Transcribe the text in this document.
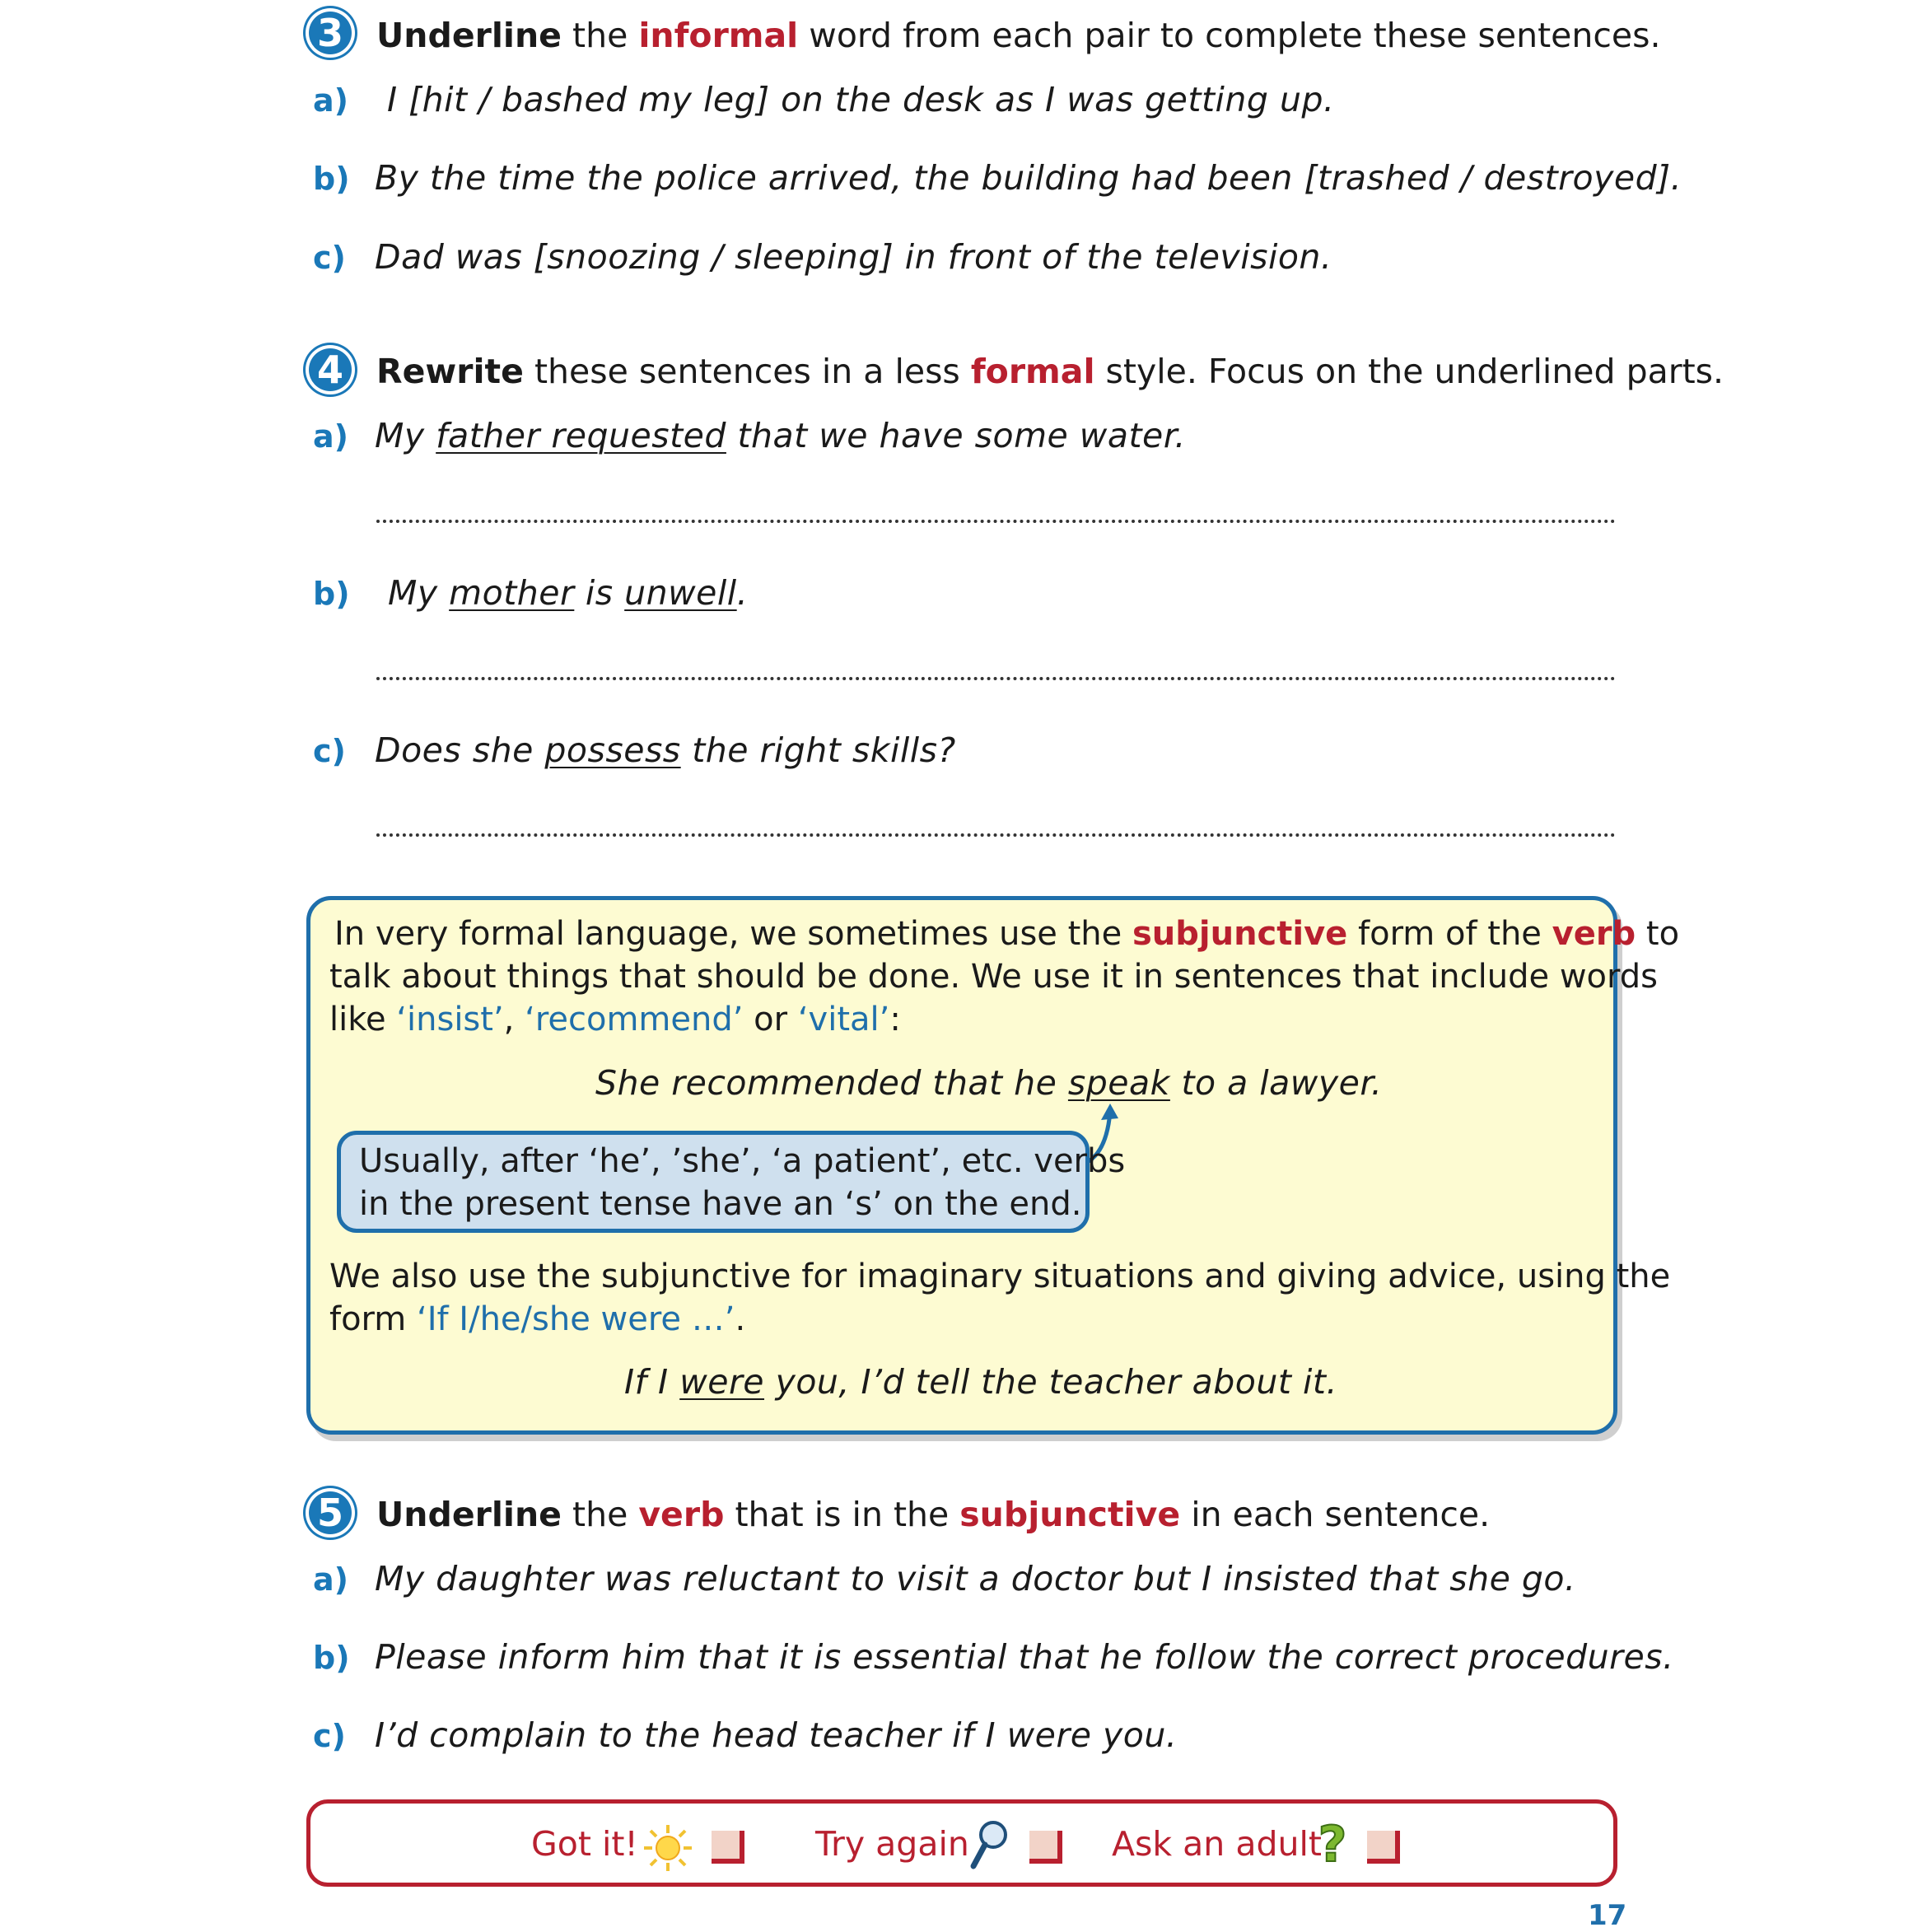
3 Underline the informal word from each pair to complete these sentences.
a) I [hit / bashed my leg] on the desk as I was getting up.
b) By the time the police arrived, the building had been [trashed / destroyed].
c) Dad was [snoozing / sleeping] in front of the television.
4 Rewrite these sentences in a less formal style. Focus on the underlined parts.
a) My father requested that we have some water.
b) My mother is unwell.
c) Does she possess the right skills?
In very formal language, we sometimes use the subjunctive form of the verb to
talk about things that should be done. We use it in sentences that include words
like ‘insist’, ‘recommend’ or ‘vital’:
She recommended that he speak to a lawyer.
Usually, after ‘he’, ’she’, ‘a patient’, etc. verbs
in the present tense have an ‘s’ on the end.
We also use the subjunctive for imaginary situations and giving advice, using the
form ‘If I/he/she were …’.
If I were you, I’d tell the teacher about it.
5 Underline the verb that is in the subjunctive in each sentence.
a) My daughter was reluctant to visit a doctor but I insisted that she go.
b) Please inform him that it is essential that he follow the correct procedures.
c) I’d complain to the head teacher if I were you.
Got it!	Try again	Ask an adult
?
17
